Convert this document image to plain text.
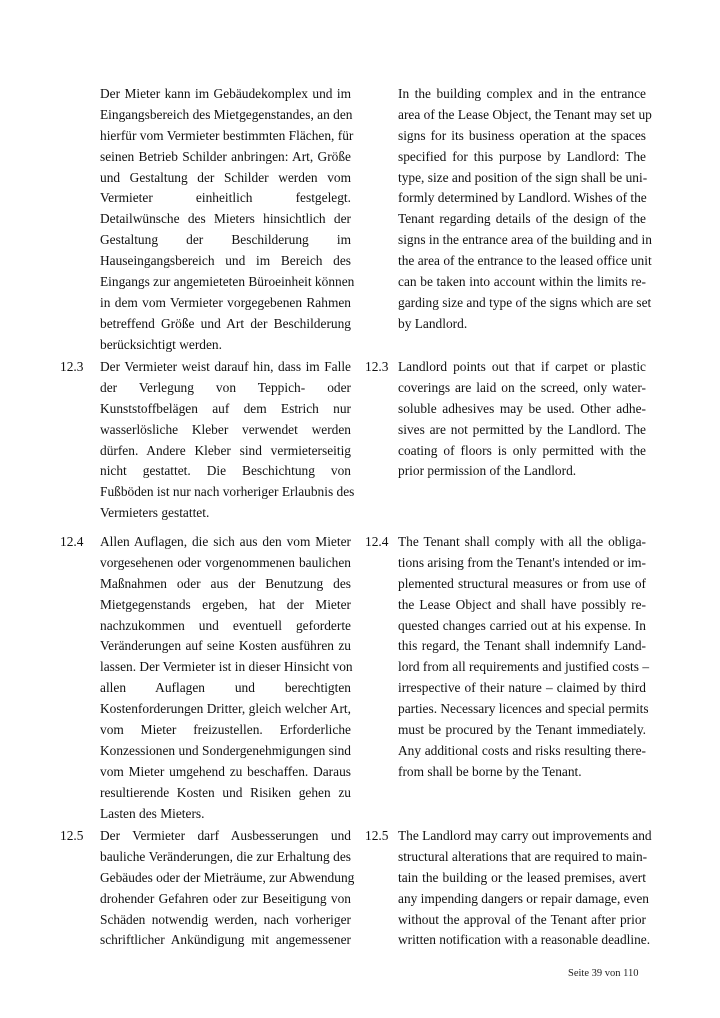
Der Mieter kann im Gebäudekomplex und im
Eingangsbereich des Mietgegenstandes, an den
hierfür vom Vermieter bestimmten Flächen, für
seinen Betrieb Schilder anbringen: Art, Größe
und Gestaltung der Schilder werden vom
Vermieter einheitlich festgelegt.
Detailwünsche des Mieters hinsichtlich der
Gestaltung der Beschilderung im
Hauseingangsbereich und im Bereich des
Eingangs zur angemieteten Büroeinheit können
in dem vom Vermieter vorgegebenen Rahmen
betreffend Größe und Art der Beschilderung
berücksichtigt werden.
In the building complex and in the entrance
area of the Lease Object, the Tenant may set up
signs for its business operation at the spaces
specified for this purpose by Landlord: The
type, size and position of the sign shall be uni-
formly determined by Landlord. Wishes of the
Tenant regarding details of the design of the
signs in the entrance area of the building and in
the area of the entrance to the leased office unit
can be taken into account within the limits re-
garding size and type of the signs which are set
by Landlord.
12.3 Der Vermieter weist darauf hin, dass im Falle
der Verlegung von Teppich- oder
Kunststoffbelägen auf dem Estrich nur
wasserlösliche Kleber verwendet werden
dürfen. Andere Kleber sind vermieterseitig
nicht gestattet. Die Beschichtung von
Fußböden ist nur nach vorheriger Erlaubnis des
Vermieters gestattet.
12.3 Landlord points out that if carpet or plastic
coverings are laid on the screed, only water-
soluble adhesives may be used. Other adhe-
sives are not permitted by the Landlord. The
coating of floors is only permitted with the
prior permission of the Landlord.
12.4 Allen Auflagen, die sich aus den vom Mieter
vorgesehenen oder vorgenommenen baulichen
Maßnahmen oder aus der Benutzung des
Mietgegenstands ergeben, hat der Mieter
nachzukommen und eventuell geforderte
Veränderungen auf seine Kosten ausführen zu
lassen. Der Vermieter ist in dieser Hinsicht von
allen Auflagen und berechtigten
Kostenforderungen Dritter, gleich welcher Art,
vom Mieter freizustellen. Erforderliche
Konzessionen und Sondergenehmigungen sind
vom Mieter umgehend zu beschaffen. Daraus
resultierende Kosten und Risiken gehen zu
Lasten des Mieters.
12.4 The Tenant shall comply with all the obliga-
tions arising from the Tenant's intended or im-
plemented structural measures or from use of
the Lease Object and shall have possibly re-
quested changes carried out at his expense. In
this regard, the Tenant shall indemnify Land-
lord from all requirements and justified costs –
irrespective of their nature – claimed by third
parties. Necessary licences and special permits
must be procured by the Tenant immediately.
Any additional costs and risks resulting there-
from shall be borne by the Tenant.
12.5 Der Vermieter darf Ausbesserungen und
bauliche Veränderungen, die zur Erhaltung des
Gebäudes oder der Mieträume, zur Abwendung
drohender Gefahren oder zur Beseitigung von
Schäden notwendig werden, nach vorheriger
schriftlicher Ankündigung mit angemessener
12.5 The Landlord may carry out improvements and
structural alterations that are required to main-
tain the building or the leased premises, avert
any impending dangers or repair damage, even
without the approval of the Tenant after prior
written notification with a reasonable deadline.
Seite 39 von 110
